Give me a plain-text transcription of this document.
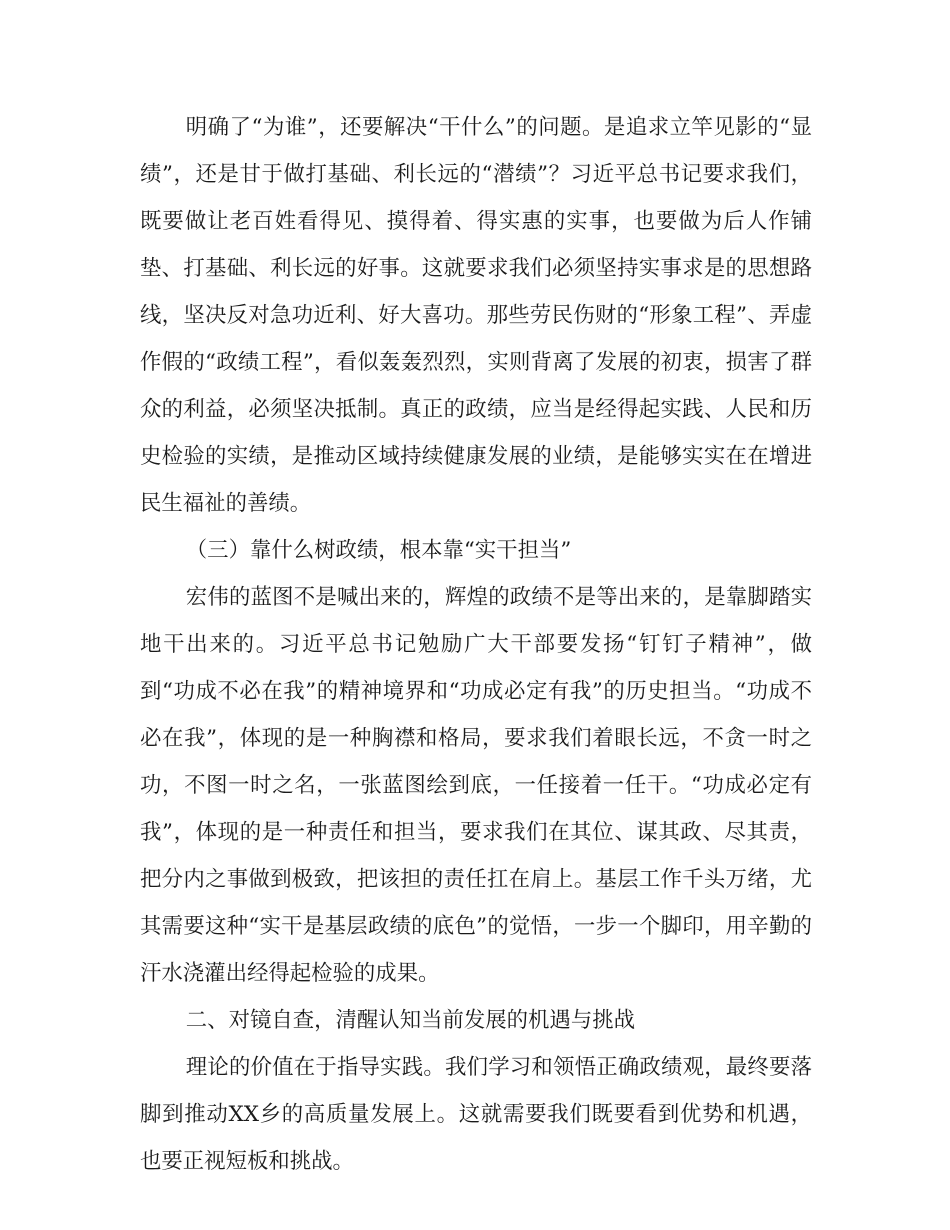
明确了“为谁”，还要解决“干什么”的问题。是追求立竿见影的“显绩”，还是甘于做打基础、利长远的“潜绩”？习近平总书记要求我们，既要做让老百姓看得见、摸得着、得实惠的实事，也要做为后人作铺垫、打基础、利长远的好事。这就要求我们必须坚持实事求是的思想路线，坚决反对急功近利、好大喜功。那些劳民伤财的“形象工程”、弄虚作假的“政绩工程”，看似轰轰烈烈，实则背离了发展的初衷，损害了群众的利益，必须坚决抵制。真正的政绩，应当是经得起实践、人民和历史检验的实绩，是推动区域持续健康发展的业绩，是能够实实在在增进民生福祉的善绩。

（三）靠什么树政绩，根本靠“实干担当”

宏伟的蓝图不是喊出来的，辉煌的政绩不是等出来的，是靠脚踏实地干出来的。习近平总书记勉励广大干部要发扬“钉钉子精神”，做到“功成不必在我”的精神境界和“功成必定有我”的历史担当。“功成不必在我”，体现的是一种胸襟和格局，要求我们着眼长远，不贪一时之功，不图一时之名，一张蓝图绘到底，一任接着一任干。“功成必定有我”，体现的是一种责任和担当，要求我们在其位、谋其政、尽其责，把分内之事做到极致，把该担的责任扛在肩上。基层工作千头万绪，尤其需要这种“实干是基层政绩的底色”的觉悟，一步一个脚印，用辛勤的汗水浇灌出经得起检验的成果。

二、对镜自查，清醒认知当前发展的机遇与挑战

理论的价值在于指导实践。我们学习和领悟正确政绩观，最终要落脚到推动XX乡的高质量发展上。这就需要我们既要看到优势和机遇，也要正视短板和挑战。
